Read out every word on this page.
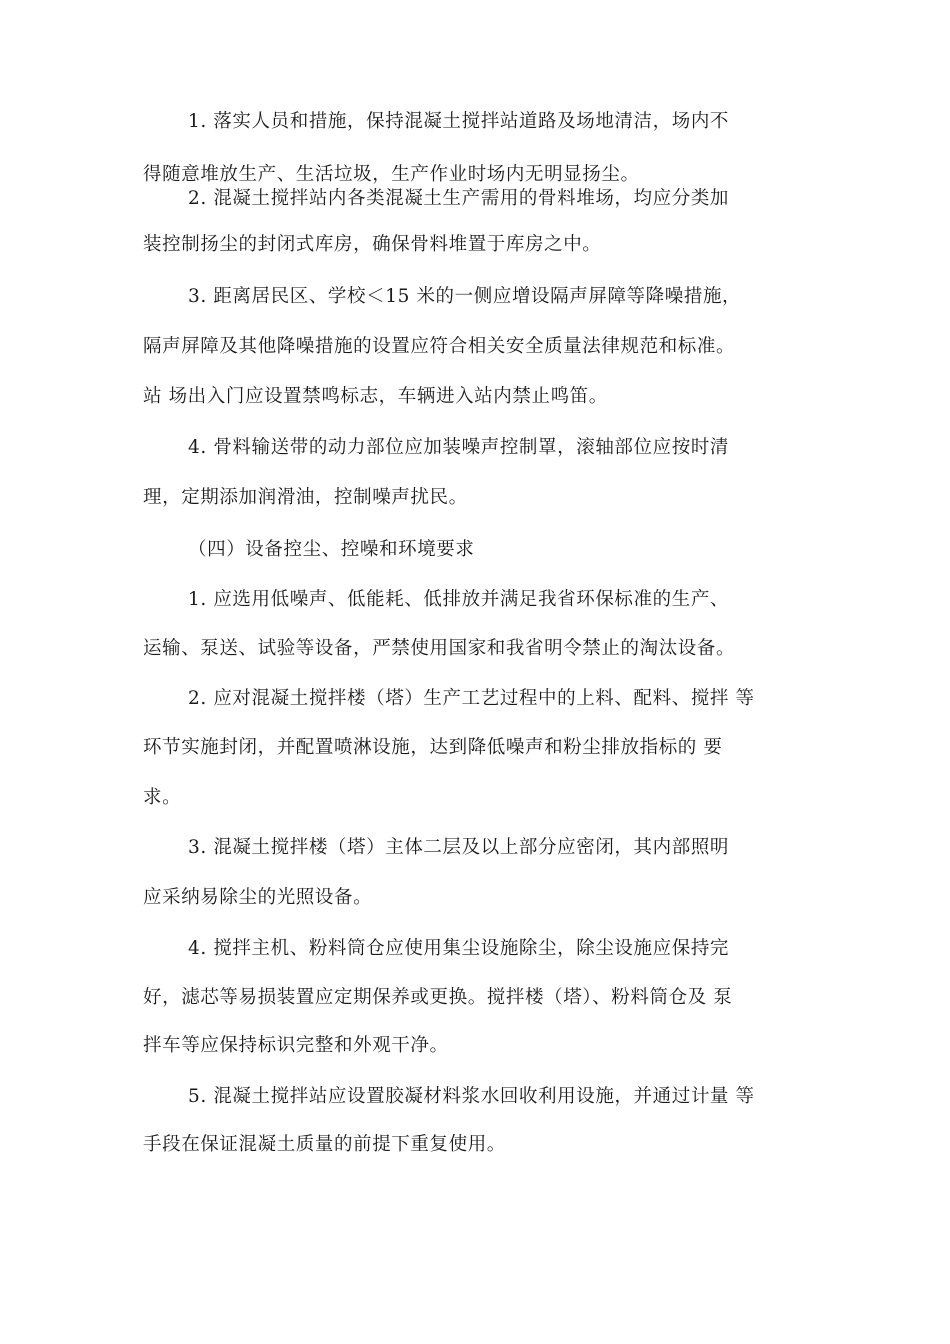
1. 落实人员和措施，保持混凝土搅拌站道路及场地清洁，场内不
得随意堆放生产、生活垃圾，生产作业时场内无明显扬尘。
2. 混凝土搅拌站内各类混凝土生产需用的骨料堆场，均应分类加
装控制扬尘的封闭式库房，确保骨料堆置于库房之中。
3. 距离居民区、学校＜15 米的一侧应增设隔声屏障等降噪措施，
隔声屏障及其他降噪措施的设置应符合相关安全质量法律规范和标准。
站 场出入门应设置禁鸣标志，车辆进入站内禁止鸣笛。
4. 骨料输送带的动力部位应加装噪声控制罩，滚轴部位应按时清
理，定期添加润滑油，控制噪声扰民。
（四）设备控尘、控噪和环境要求
1. 应选用低噪声、低能耗、低排放并满足我省环保标准的生产、
运输、泵送、试验等设备，严禁使用国家和我省明令禁止的淘汰设备。
2. 应对混凝土搅拌楼（塔）生产工艺过程中的上料、配料、搅拌 等
环节实施封闭，并配置喷淋设施，达到降低噪声和粉尘排放指标的 要
求。
3. 混凝土搅拌楼（塔）主体二层及以上部分应密闭，其内部照明
应采纳易除尘的光照设备。
4. 搅拌主机、粉料筒仓应使用集尘设施除尘，除尘设施应保持完
好，滤芯等易损装置应定期保养或更换。搅拌楼（塔）、粉料筒仓及 泵
拌车等应保持标识完整和外观干净。
5. 混凝土搅拌站应设置胶凝材料浆水回收利用设施，并通过计量 等
手段在保证混凝土质量的前提下重复使用。
